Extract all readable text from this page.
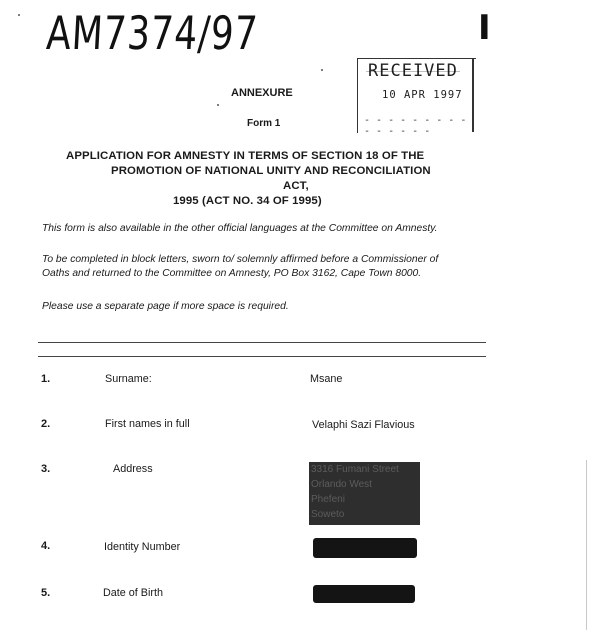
AM7374/97	I
RECEIVED
10 APR 1997
- - - - - - - - - - - - - - -
ANNEXURE
Form 1
APPLICATION FOR AMNESTY IN TERMS OF SECTION 18 OF THE
PROMOTION OF NATIONAL UNITY AND RECONCILIATION
ACT,
1995 (ACT NO. 34 OF 1995)
This form is also available in the other official languages at the Committee on Amnesty.
To be completed in block letters, sworn to/ solemnly affirmed before a Commissioner of
Oaths and returned to the Committee on Amnesty, PO Box 3162, Cape Town 8000.
Please use a separate page if more space is required.
1.	Surname:	Msane
2.	First names in full	Velaphi Sazi Flavious
3.	Address	3316 Fumani Street
Orlando West
Phefeni
Soweto
4.	Identity Number
5.	Date of Birth
